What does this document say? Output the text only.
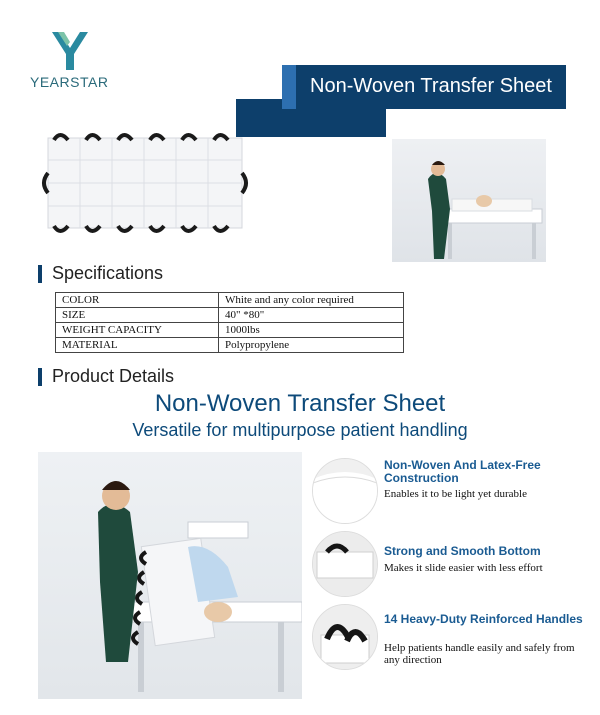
YEARSTAR	Non-Woven Transfer Sheet
Specifications
COLOR	White and any color required
SIZE	40" *80"
WEIGHT CAPACITY	1000lbs
MATERIAL	Polypropylene
Product Details
Non-Woven Transfer Sheet
Versatile for multipurpose patient handling
Non-Woven And Latex-Free Construction
Enables it to be light yet durable
Strong and Smooth Bottom
Makes it slide easier with less effort
14 Heavy-Duty Reinforced Handles
Help patients handle easily and safely from any direction
